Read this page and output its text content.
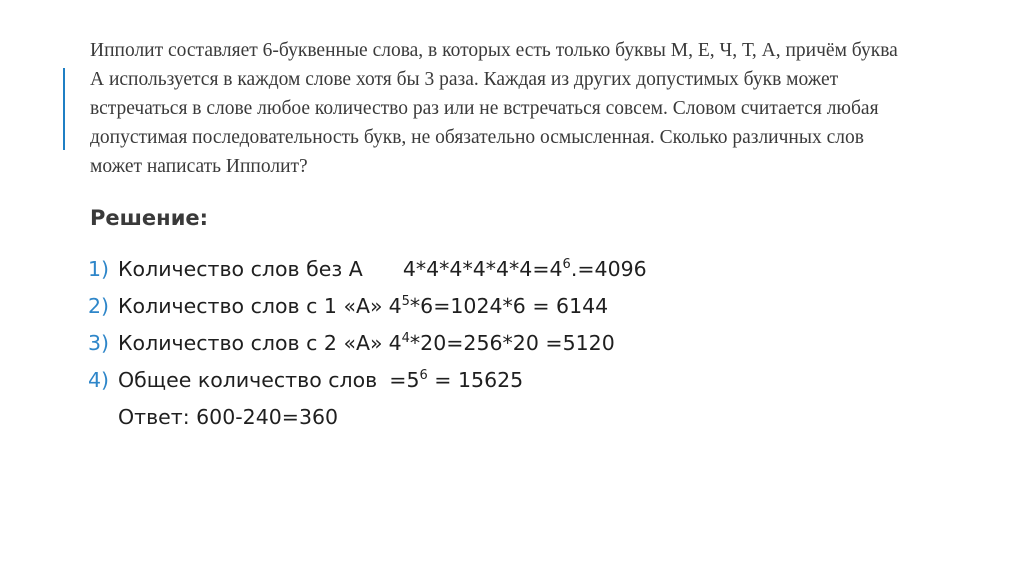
Ипполит составляет 6-буквенные слова, в которых есть только буквы М, Е, Ч, Т, А, причём буква
А используется в каждом слове хотя бы 3 раза. Каждая из других допустимых букв может
встречаться в слове любое количество раз или не встречаться совсем. Словом считается любая
допустимая последовательность букв, не обязательно осмысленная. Сколько различных слов
может написать Ипполит?
Решение:
1) Количество слов без А $4*4*4*4*4*4=4^6.=4096$
2) Количество слов с 1 «А» $4^5*6=1024*6 = 6144$
3) Количество слов с 2 «А» $4^4*20=256*20 =5120$
4) Общее количество слов $=5^6 = 15625$
Ответ: 600-240=360
